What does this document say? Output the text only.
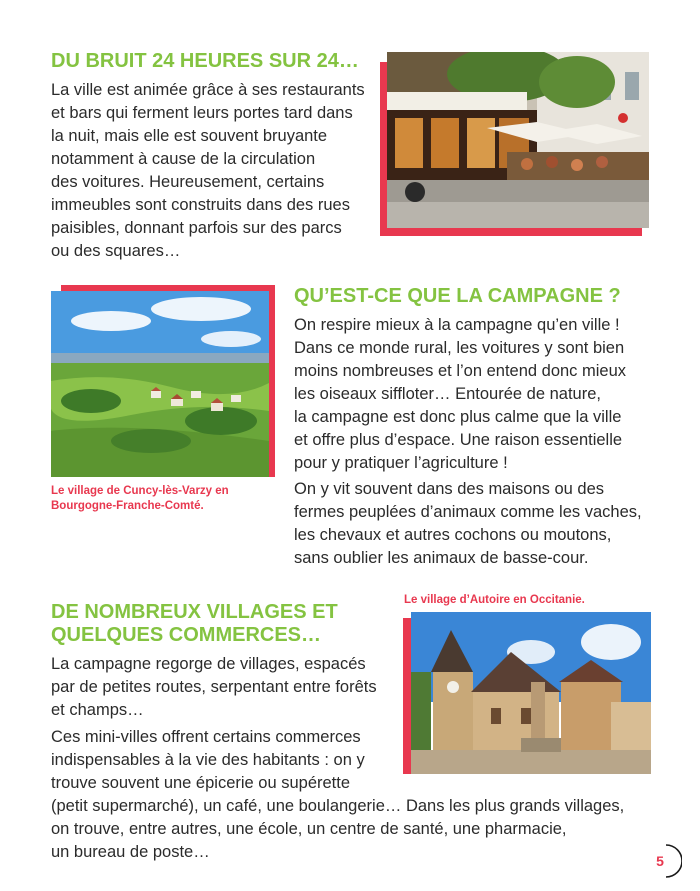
DU BRUIT 24 HEURES SUR 24…
La ville est animée grâce à ses restaurants
et bars qui ferment leurs portes tard dans
la nuit, mais elle est souvent bruyante
notamment à cause de la circulation
des voitures. Heureusement, certains
immeubles sont construits dans des rues
paisibles, donnant parfois sur des parcs
ou des squares…
Le village de Cuncy-lès-Varzy en
Bourgogne-Franche-Comté.
QU’EST-CE QUE LA CAMPAGNE ?
On respire mieux à la campagne qu’en ville !
Dans ce monde rural, les voitures y sont bien
moins nombreuses et l’on entend donc mieux
les oiseaux siffloter… Entourée de nature,
la campagne est donc plus calme que la ville
et offre plus d’espace. Une raison essentielle
pour y pratiquer l’agriculture !
On y vit souvent dans des maisons ou des
fermes peuplées d’animaux comme les vaches,
les chevaux et autres cochons ou moutons,
sans oublier les animaux de basse-cour.
DE NOMBREUX VILLAGES ET
QUELQUES COMMERCES…
La campagne regorge de villages, espacés
par de petites routes, serpentant entre forêts
et champs…
Ces mini-villes offrent certains commerces
indispensables à la vie des habitants : on y
trouve souvent une épicerie ou supérette
(petit supermarché), un café, une boulangerie… Dans les plus grands villages,
on trouve, entre autres, une école, un centre de santé, une pharmacie,
un bureau de poste…
Le village d’Autoire en Occitanie.
5
